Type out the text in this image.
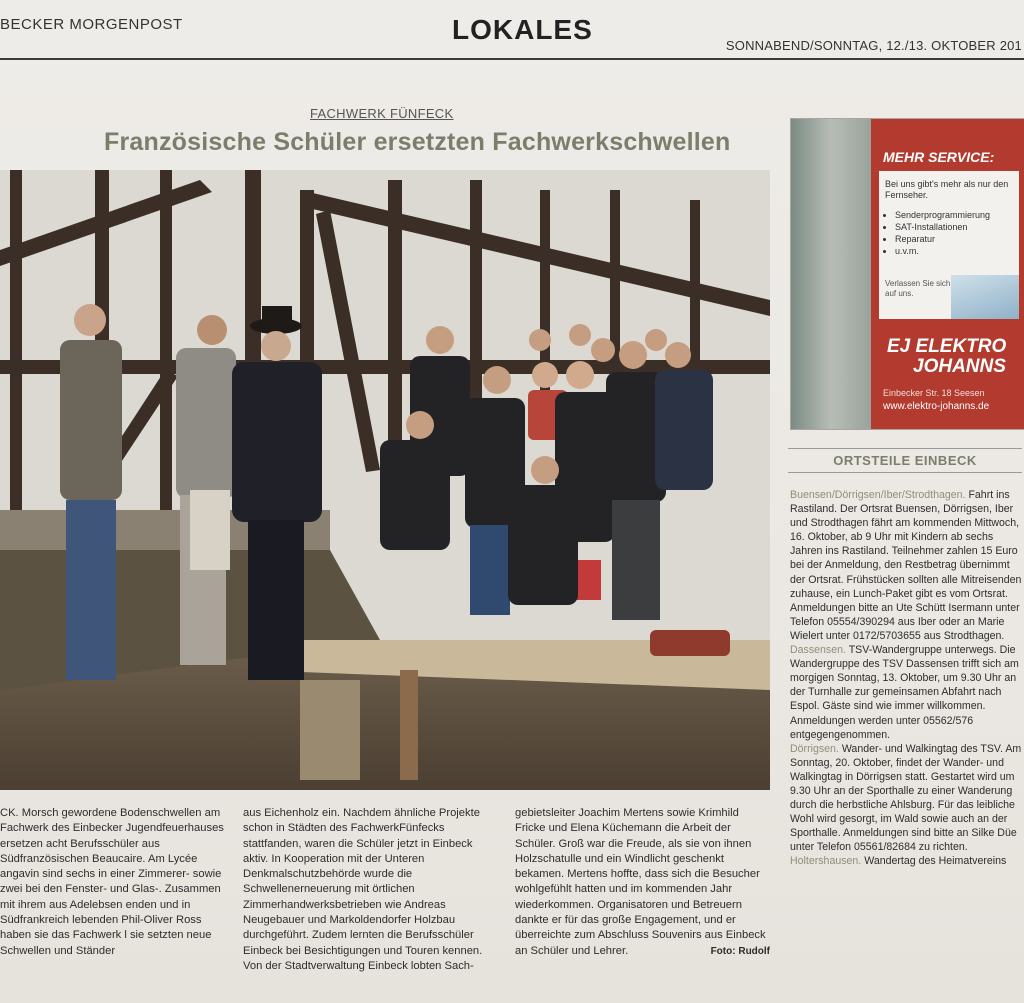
BECKER MORGENPOST	LOKALES
SONNABEND/SONNTAG, 12./13. OKTOBER 201
FACHWERK FÜNFECK
Französische Schüler ersetzten Fachwerkschwellen

CK. Morsch gewordene Bodenschwellen am Fachwerk des Einbecker Jugendfeuerhauses ersetzen acht Berufsschüler aus Südfranzösischen Beaucaire. Am Lycée angavin sind sechs in einer Zimmerer- sowie zwei bei den Fenster- und Glas-. Zusammen mit ihrem aus Adelebsen enden und in Südfrankreich lebenden Phil-Oliver Ross haben sie das Fachwerk l sie setzten neue Schwellen und Ständer

aus Eichenholz ein. Nachdem ähnliche Projekte schon in Städten des FachwerkFünfecks stattfanden, waren die Schüler jetzt in Einbeck aktiv. In Kooperation mit der Unteren Denkmalschutzbehörde wurde die Schwellenerneuerung mit örtlichen Zimmerhandwerksbetrieben wie Andreas Neugebauer und Markoldendorfer Holzbau durchgeführt. Zudem lernten die Berufsschüler Einbeck bei Besichtigungen und Touren kennen. Von der Stadtverwaltung Einbeck lobten Sach-

gebietsleiter Joachim Mertens sowie Krimhild Fricke und Elena Küchemann die Arbeit der Schüler. Groß war die Freude, als sie von ihnen Holzschatulle und ein Windlicht geschenkt bekamen. Mertens hoffte, dass sich die Besucher wohlgefühlt hatten und im kommenden Jahr wiederkommen. Organisatoren und Betreuern dankte er für das große Engagement, und er überreichte zum Abschluss Souvenirs aus Einbeck an Schüler und Lehrer.	Foto: Rudolf

MEHR SERVICE:
Bei uns gibt's mehr als nur den Fernseher.
• Senderprogrammierung
• SAT-Installationen
• Reparatur
• u.v.m.
Verlassen Sie sich auf uns.
EJ ELEKTRO
JOHANNS
Einbecker Str. 18 Seesen
www.elektro-johanns.de
ORTSTEILE EINBECK

Buensen/Dörrigsen/Iber/Strodthagen. Fahrt ins Rastiland. Der Ortsrat Buensen, Dörrigsen, Iber und Strodthagen fährt am kommenden Mittwoch, 16. Oktober, ab 9 Uhr mit Kindern ab sechs Jahren ins Rastiland. Teilnehmer zahlen 15 Euro bei der Anmeldung, den Restbetrag übernimmt der Ortsrat. Frühstücken sollten alle Mitreisenden zuhause, ein Lunch-Paket gibt es vom Ortsrat. Anmeldungen bitte an Ute Schütt Isermann unter Telefon 05554/390294 aus Iber oder an Marie Wielert unter 0172/5703655 aus Strodthagen.

Dassensen. TSV-Wandergruppe unterwegs. Die Wandergruppe des TSV Dassensen trifft sich am morgigen Sonntag, 13. Oktober, um 9.30 Uhr an der Turnhalle zur gemeinsamen Abfahrt nach Espol. Gäste sind wie immer willkommen. Anmeldungen werden unter 05562/576 entgegengenommen.

Dörrigsen. Wander- und Walkingtag des TSV. Am Sonntag, 20. Oktober, findet der Wander- und Walkingtag in Dörrigsen statt. Gestartet wird um 9.30 Uhr an der Sporthalle zu einer Wanderung durch die herbstliche Ahlsburg. Für das leibliche Wohl wird gesorgt, im Wald sowie auch an der Sporthalle. Anmeldungen sind bitte an Silke Düe unter Telefon 05561/82684 zu richten.

Holtershausen. Wandertag des Heimatvereins
